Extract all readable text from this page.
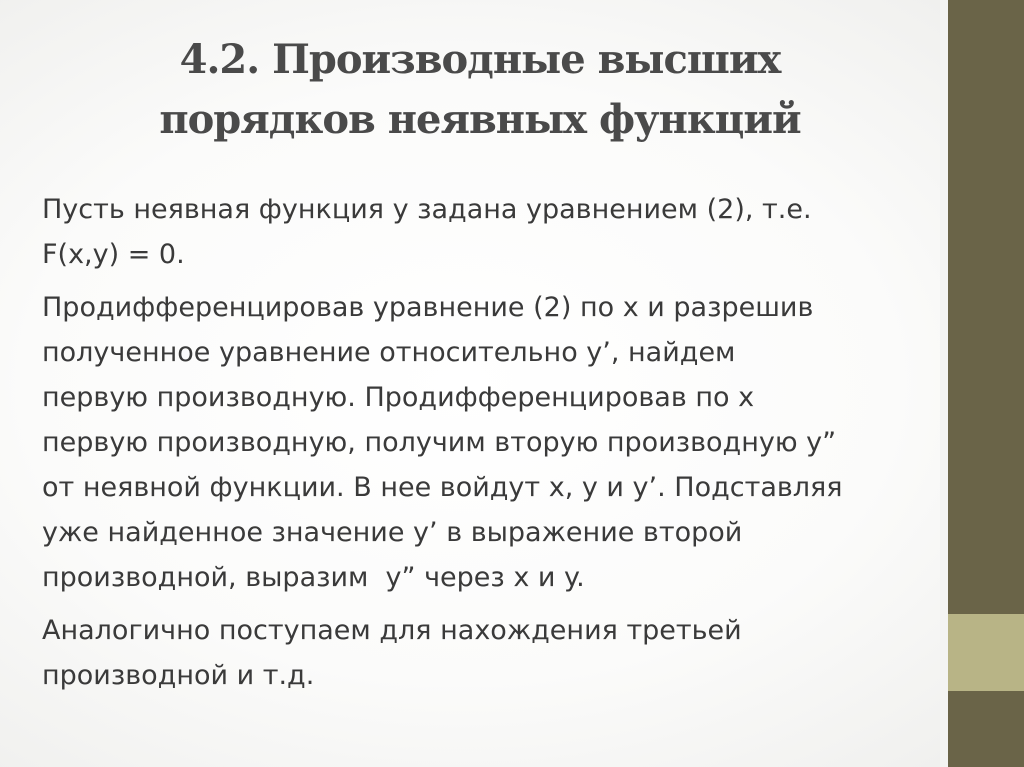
4.2. Производные высших
порядков неявных функций

Пусть неявная функция y задана уравнением (2), т.е.
F(x,y) = 0.

Продифференцировав уравнение (2) по x и разрешив
полученное уравнение относительно y’, найдем
первую производную. Продифференцировав по x
первую производную, получим вторую производную y”
от неявной функции. В нее войдут x, y и y’. Подставляя
уже найденное значение y’ в выражение второй
производной, выразим  y” через x и y.

Аналогично поступаем для нахождения третьей
производной и т.д.
